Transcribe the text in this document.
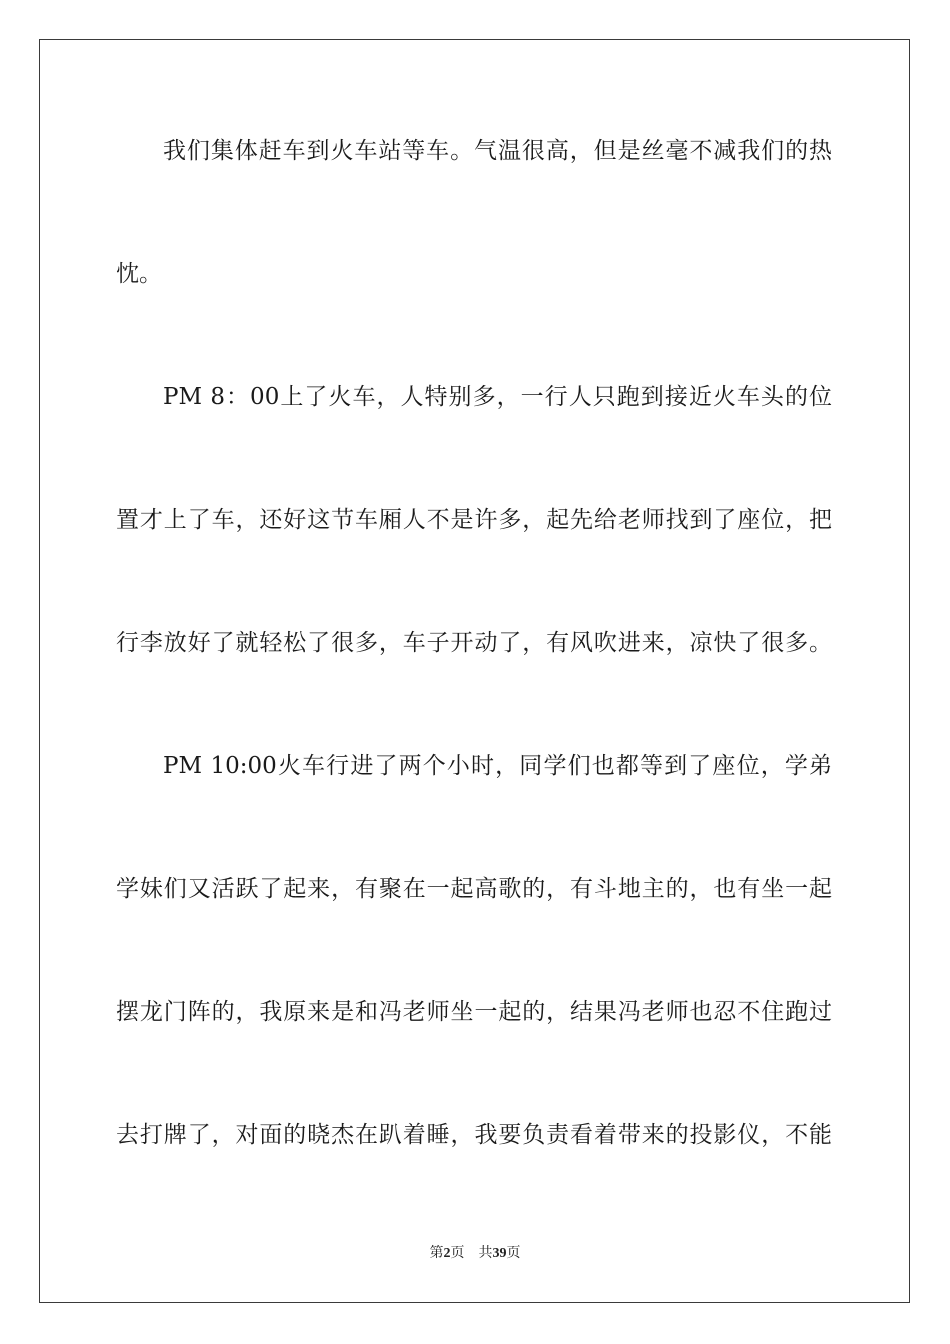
我们集体赶车到火车站等车。气温很高，但是丝毫不减我们的热
忱。
PM 8：00上了火车，人特别多，一行人只跑到接近火车头的位
置才上了车，还好这节车厢人不是许多，起先给老师找到了座位，把
行李放好了就轻松了很多，车子开动了，有风吹进来，凉快了很多。
PM 10:00火车行进了两个小时，同学们也都等到了座位，学弟
学妹们又活跃了起来，有聚在一起高歌的，有斗地主的，也有坐一起
摆龙门阵的，我原来是和冯老师坐一起的，结果冯老师也忍不住跑过
去打牌了，对面的晓杰在趴着睡，我要负责看着带来的投影仪，不能
第2页 共39页
